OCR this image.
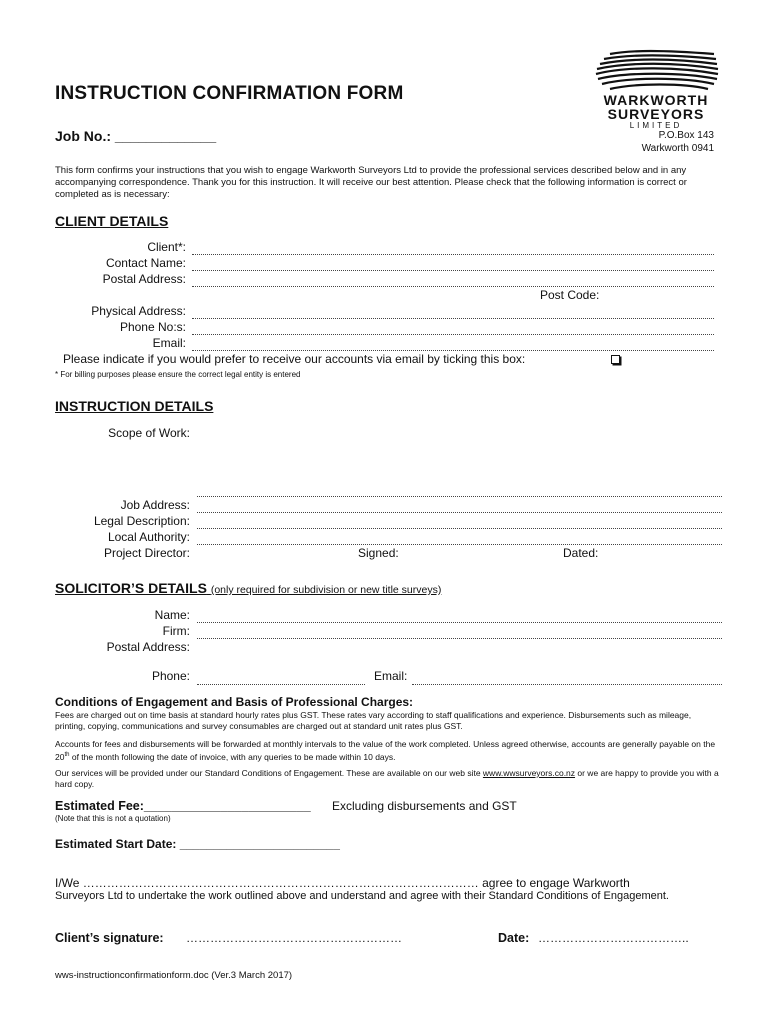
INSTRUCTION CONFIRMATION FORM
Job No.: _____________
WARKWORTH
SURVEYORS
LIMITED
P.O.Box 143
Warkworth 0941
This form confirms your instructions that you wish to engage Warkworth Surveyors Ltd to provide the professional services described below and in any accompanying correspondence. Thank you for this instruction. It will receive our best attention. Please check that the following information is correct or completed as is necessary:
CLIENT DETAILS
Client*:
Contact Name:
Postal Address:
Post Code:
Physical Address:
Phone No:s:
Email:
Please indicate if you would prefer to receive our accounts via email by ticking this box:
* For billing purposes please ensure the correct legal entity is entered
INSTRUCTION DETAILS
Scope of Work:
Job Address:
Legal Description:
Local Authority:
Project Director:	Signed:	Dated:
SOLICITOR’S DETAILS (only required for subdivision or new title surveys)
Name:
Firm:
Postal Address:
Phone:	Email:
Conditions of Engagement and Basis of Professional Charges:
Fees are charged out on time basis at standard hourly rates plus GST. These rates vary according to staff qualifications and experience. Disbursements such as mileage, printing, copying, communications and survey consumables are charged out at standard unit rates plus GST.
Accounts for fees and disbursements will be forwarded at monthly intervals to the value of the work completed. Unless agreed otherwise, accounts are generally payable on the 20th of the month following the date of invoice, with any queries to be made within 10 days.
Our services will be provided under our Standard Conditions of Engagement. These are available on our web site www.wwsurveyors.co.nz or we are happy to provide you with a hard copy.
Estimated Fee:________________________ Excluding disbursements and GST
(Note that this is not a quotation)
Estimated Start Date: ________________________
I/We ……………………………………………………………………………………… agree to engage Warkworth
Surveyors Ltd to undertake the work outlined above and understand and agree with their Standard Conditions of Engagement.
Client’s signature: ………………………………………………	Date: ………………………………..
wws-instructionconfirmationform.doc (Ver.3 March 2017)
